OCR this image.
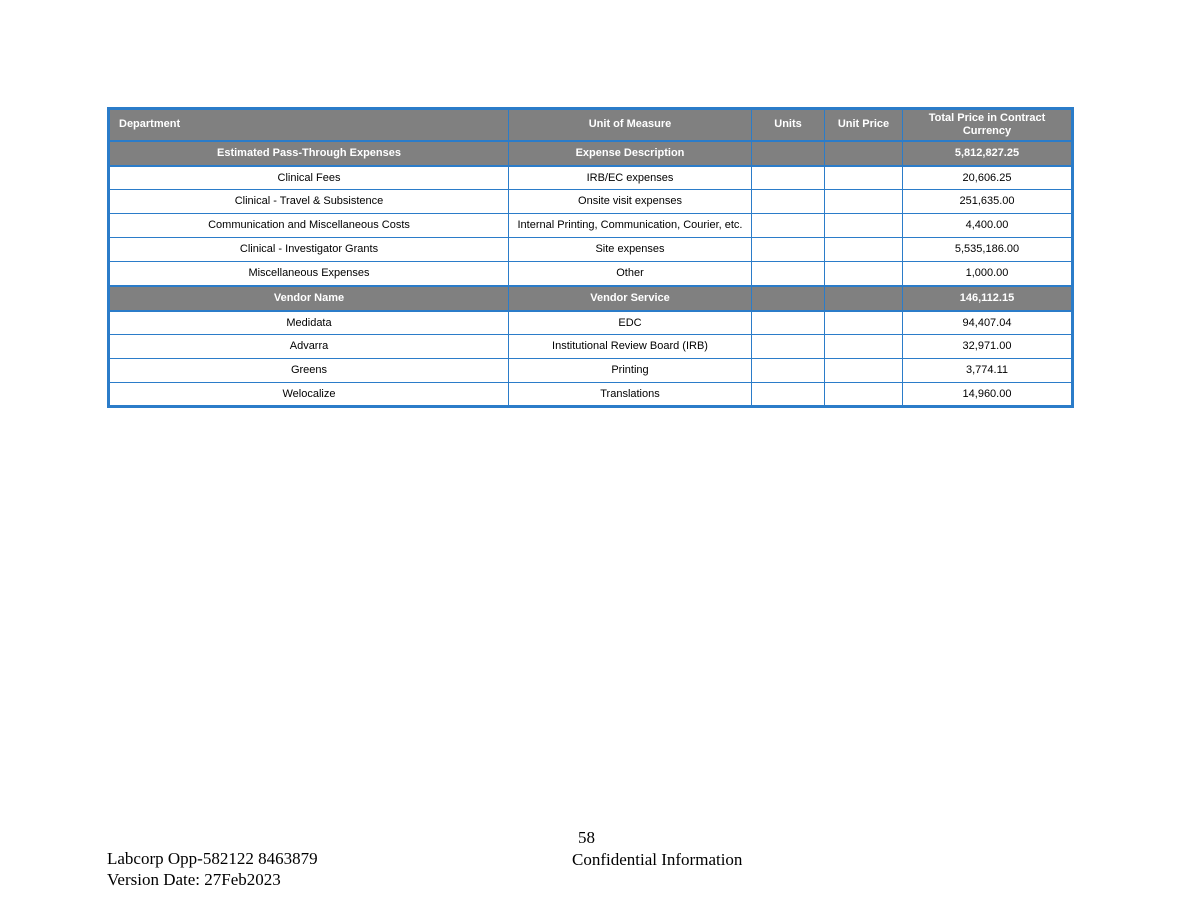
Department	Unit of Measure	Units	Unit Price	Total Price in Contract Currency
Estimated Pass-Through Expenses	Expense Description			5,812,827.25
Clinical Fees	IRB/EC expenses			20,606.25
Clinical - Travel & Subsistence	Onsite visit expenses			251,635.00
Communication and Miscellaneous Costs	Internal Printing, Communication, Courier, etc.			4,400.00
Clinical - Investigator Grants	Site expenses			5,535,186.00
Miscellaneous Expenses	Other			1,000.00
Vendor Name	Vendor Service			146,112.15
Medidata	EDC			94,407.04
Advarra	Institutional Review Board (IRB)			32,971.00
Greens	Printing			3,774.11
Welocalize	Translations			14,960.00
Labcorp Opp-582122 8463879
Version Date: 27Feb2023
58
Confidential Information
